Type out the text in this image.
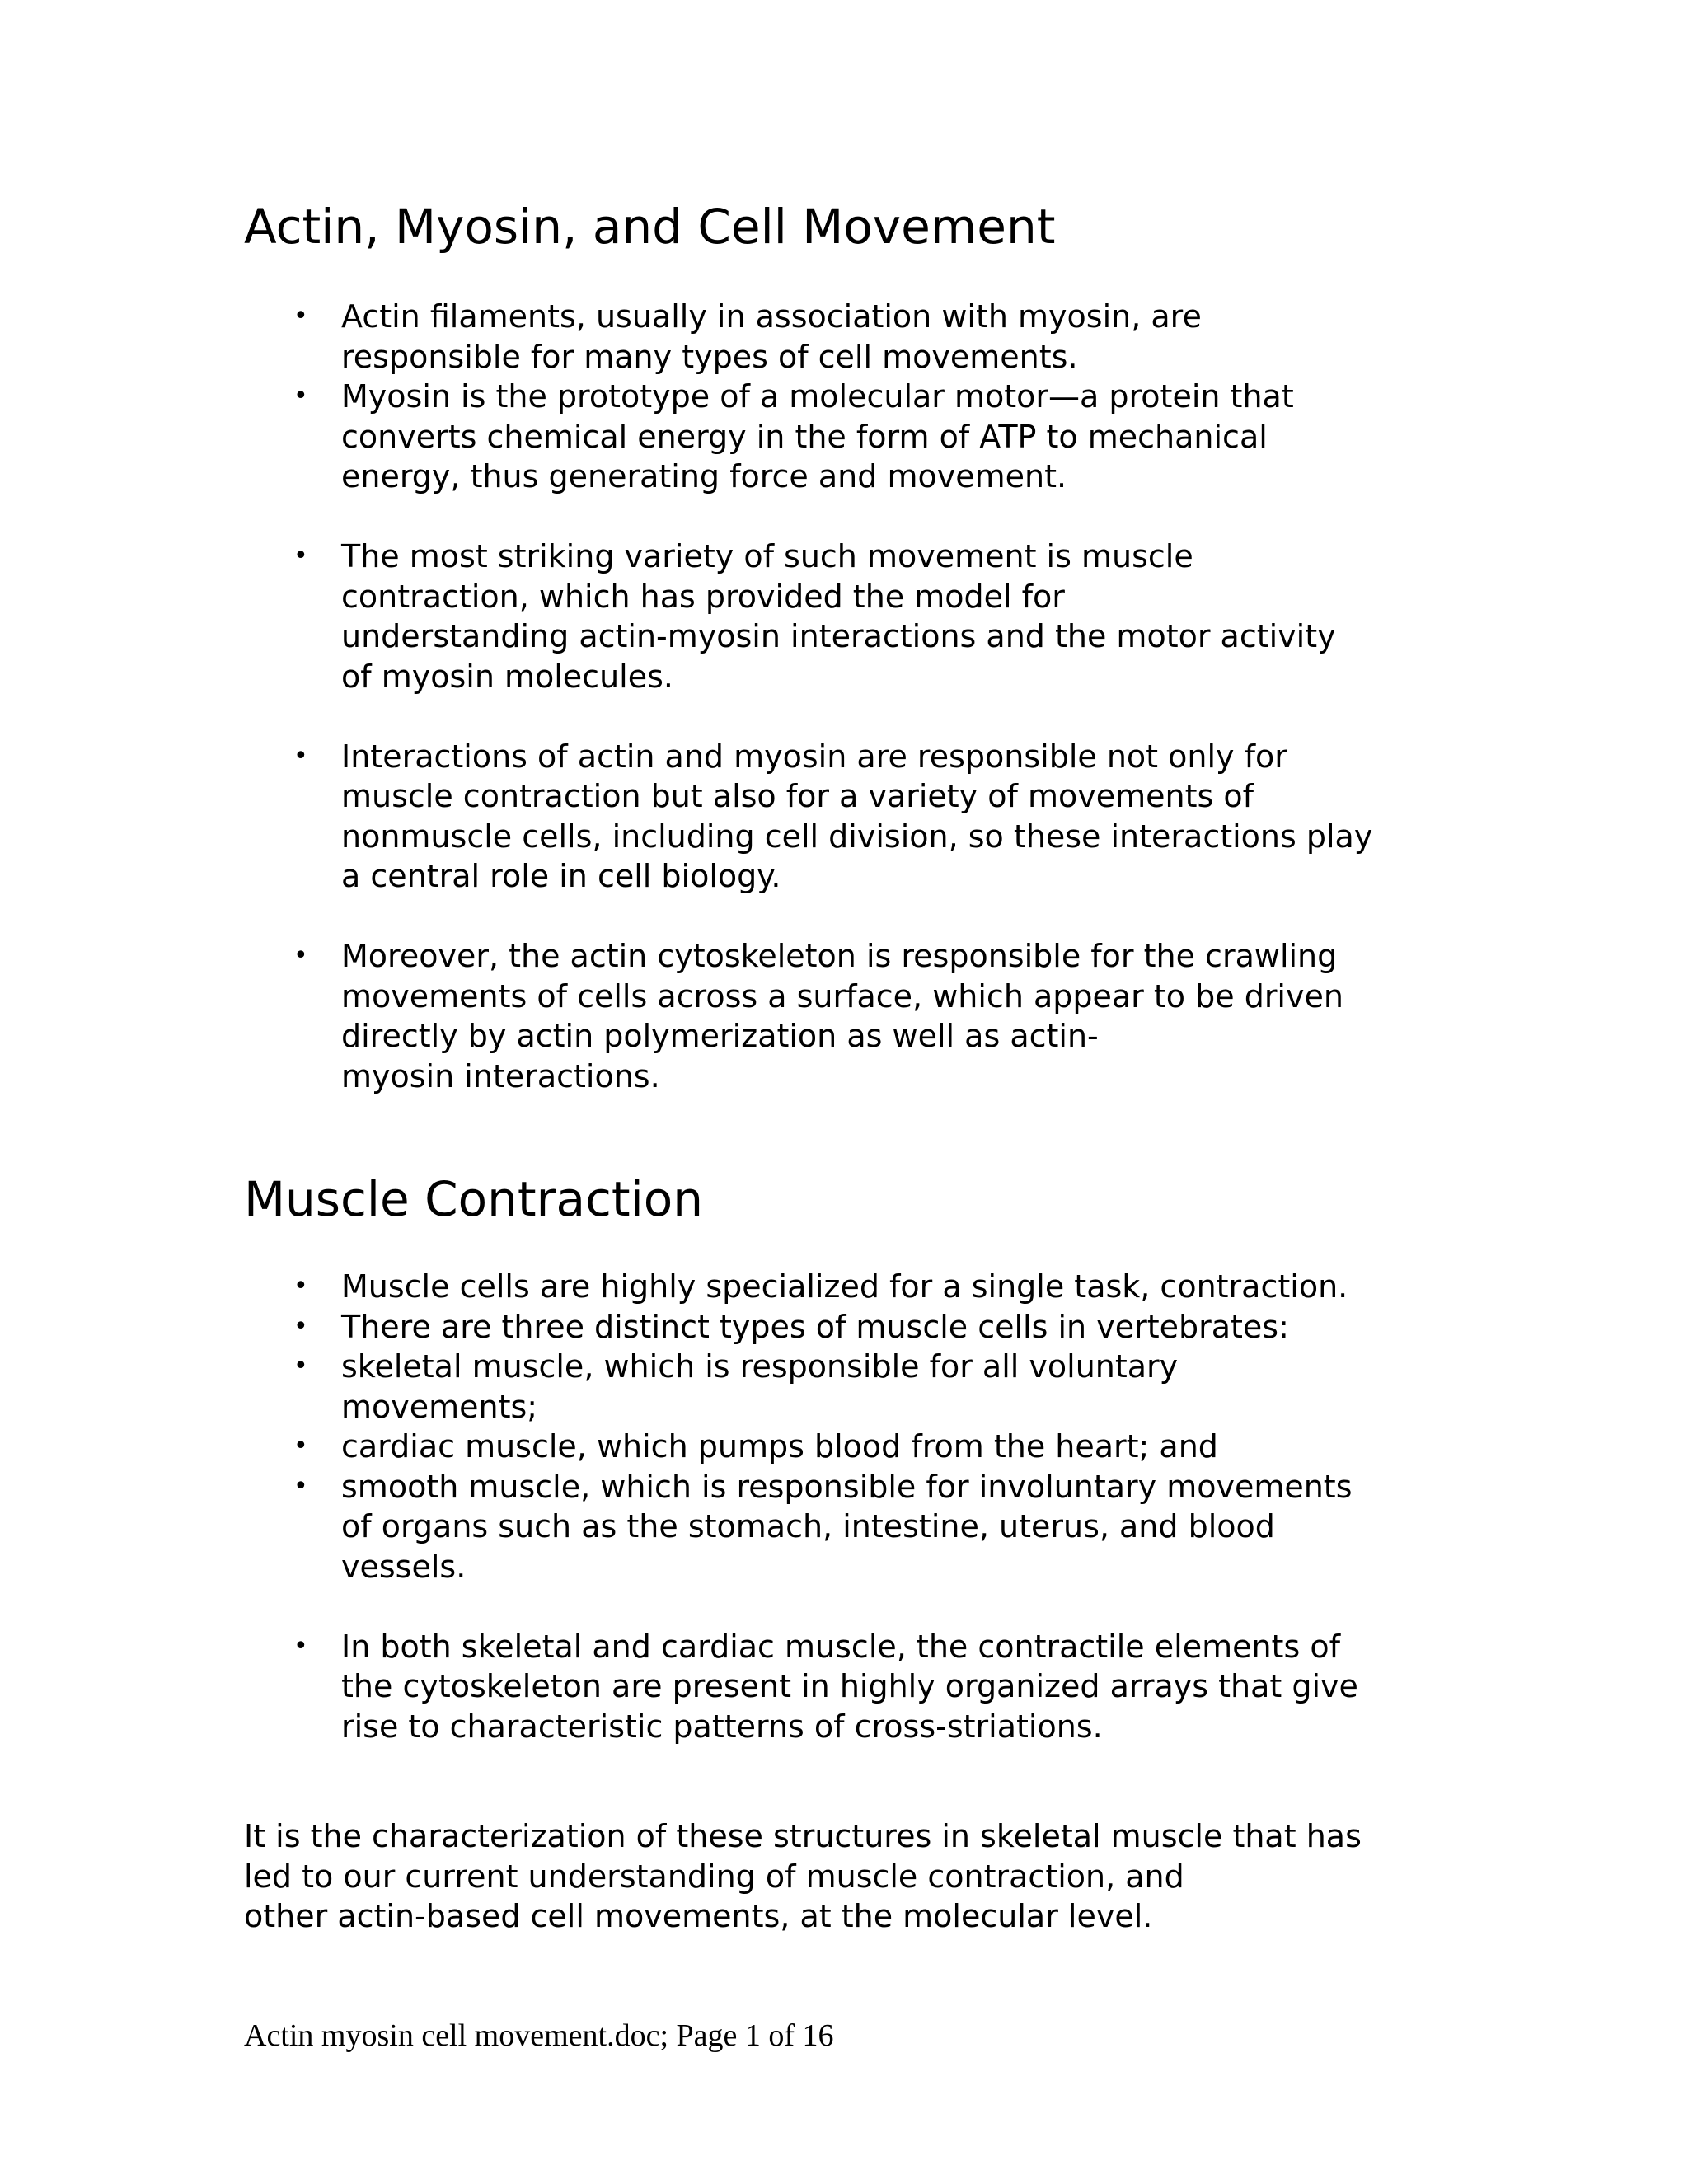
Actin, Myosin, and Cell Movement
• Actin filaments, usually in association with myosin, are
responsible for many types of cell movements.
• Myosin is the prototype of a molecular motor—a protein that
converts chemical energy in the form of ATP to mechanical
energy, thus generating force and movement.
• The most striking variety of such movement is muscle
contraction, which has provided the model for
understanding actin-myosin interactions and the motor activity
of myosin molecules.
• Interactions of actin and myosin are responsible not only for
muscle contraction but also for a variety of movements of
nonmuscle cells, including cell division, so these interactions play
a central role in cell biology.
• Moreover, the actin cytoskeleton is responsible for the crawling
movements of cells across a surface, which appear to be driven
directly by actin polymerization as well as actin-
myosin interactions.
Muscle Contraction
• Muscle cells are highly specialized for a single task, contraction.
• There are three distinct types of muscle cells in vertebrates:
• skeletal muscle, which is responsible for all voluntary
movements;
• cardiac muscle, which pumps blood from the heart; and
• smooth muscle, which is responsible for involuntary movements
of organs such as the stomach, intestine, uterus, and blood
vessels.
• In both skeletal and cardiac muscle, the contractile elements of
the cytoskeleton are present in highly organized arrays that give
rise to characteristic patterns of cross-striations.

It is the characterization of these structures in skeletal muscle that has
led to our current understanding of muscle contraction, and
other actin-based cell movements, at the molecular level.

Actin myosin cell movement.doc; Page 1 of 16
